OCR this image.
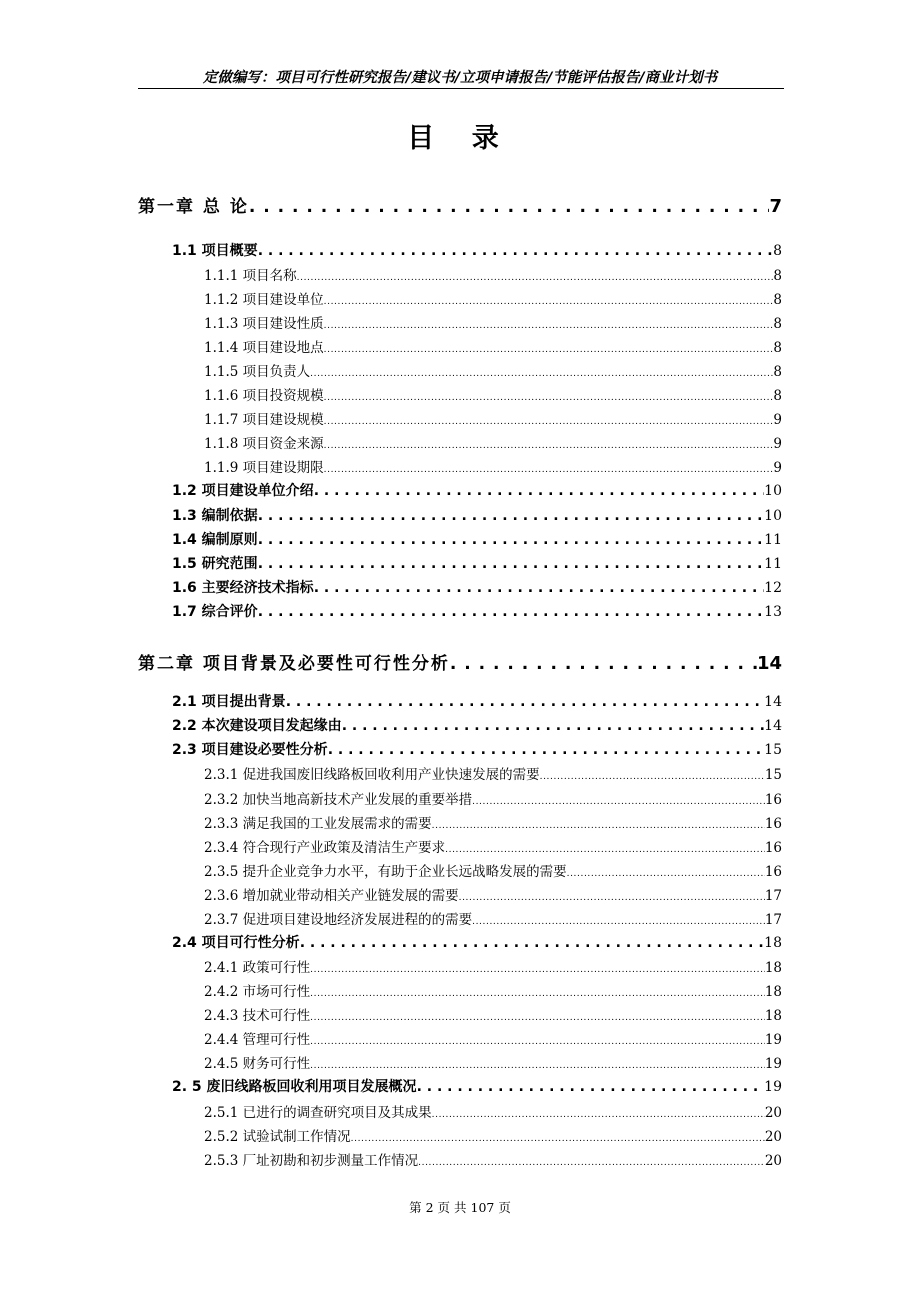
定做编写：项目可行性研究报告/建议书/立项申请报告/节能评估报告/商业计划书
目 录
第一章 总 论 . . .	7
1.1 项目概要 . . .	8
1.1.1 项目名称 .....	8
1.1.2 项目建设单位 .....	8
1.1.3 项目建设性质 .....	8
1.1.4 项目建设地点 .....	8
1.1.5 项目负责人 .....	8
1.1.6 项目投资规模 .....	8
1.1.7 项目建设规模 .....	9
1.1.8 项目资金来源 .....	9
1.1.9 项目建设期限 .....	9
1.2 项目建设单位介绍 . . .	10
1.3 编制依据 . . .	10
1.4 编制原则 . . .	11
1.5 研究范围 . . .	11
1.6 主要经济技术指标 . . .	12
1.7 综合评价 . . .	13
第二章 项目背景及必要性可行性分析 . . .	14
2.1 项目提出背景 . . .	14
2.2 本次建设项目发起缘由 . . .	14
2.3 项目建设必要性分析 . . .	15
2.3.1 促进我国废旧线路板回收利用产业快速发展的需要 .....	15
2.3.2 加快当地高新技术产业发展的重要举措 .....	16
2.3.3 满足我国的工业发展需求的需要 .....	16
2.3.4 符合现行产业政策及清洁生产要求 .....	16
2.3.5 提升企业竞争力水平，有助于企业长远战略发展的需要 .....	16
2.3.6 增加就业带动相关产业链发展的需要 .....	17
2.3.7 促进项目建设地经济发展进程的的需要 .....	17
2.4 项目可行性分析 . . .	18
2.4.1 政策可行性 .....	18
2.4.2 市场可行性 .....	18
2.4.3 技术可行性 .....	18
2.4.4 管理可行性 .....	19
2.4.5 财务可行性 .....	19
2. 5 废旧线路板回收利用项目发展概况 . . .	19
2.5.1 已进行的调查研究项目及其成果 .....	20
2.5.2 试验试制工作情况 .....	20
2.5.3 厂址初勘和初步测量工作情况 .....	20
第 2 页 共 107 页
